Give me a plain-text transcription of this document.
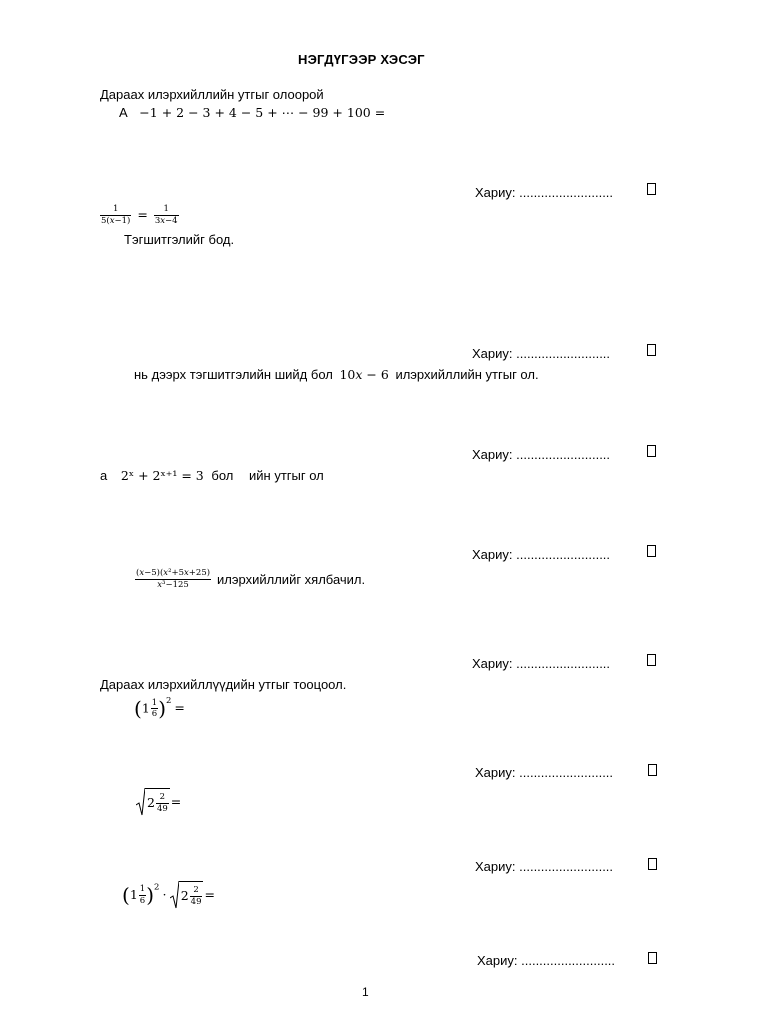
НЭГДҮГЭЭР ХЭСЭГ
Дараах илэрхийллийн утгыг олоорой
А −1 + 2 − 3 + 4 − 5 + ⋯ − 99 + 100 =
Хариу: ..........................
$\frac{1}{\text{5(𝑥−1)}} = \frac{1}{\text{3𝑥−4}}$
Тэгшитгэлийг бод.
Хариу: ..........................
нь дээрх тэгшитгэлийн шийд бол 10𝑥 − 6 илэрхийллийн утгыг ол.
Хариу: ..........................
а 2ˣ + 2ˣ⁺¹ = 3 бол ийн утгыг ол
Хариу: ..........................
$\frac{\text{(𝑥−5)(𝑥²+5𝑥+25)}}{\text{𝑥³−125}}$ илэрхийллийг хялбачил.
Хариу: ..........................
Дараах илэрхийллүүдийн утгыг тооцоол.
$(1 \frac{1}{6} )^2$ =
Хариу: ..........................
$2 \frac{2}{49}$ =
Хариу: ..........................
$(1 \frac{1}{6} )^2 \cdot 2 \frac{2}{49}$ =
Хариу: ..........................
1
